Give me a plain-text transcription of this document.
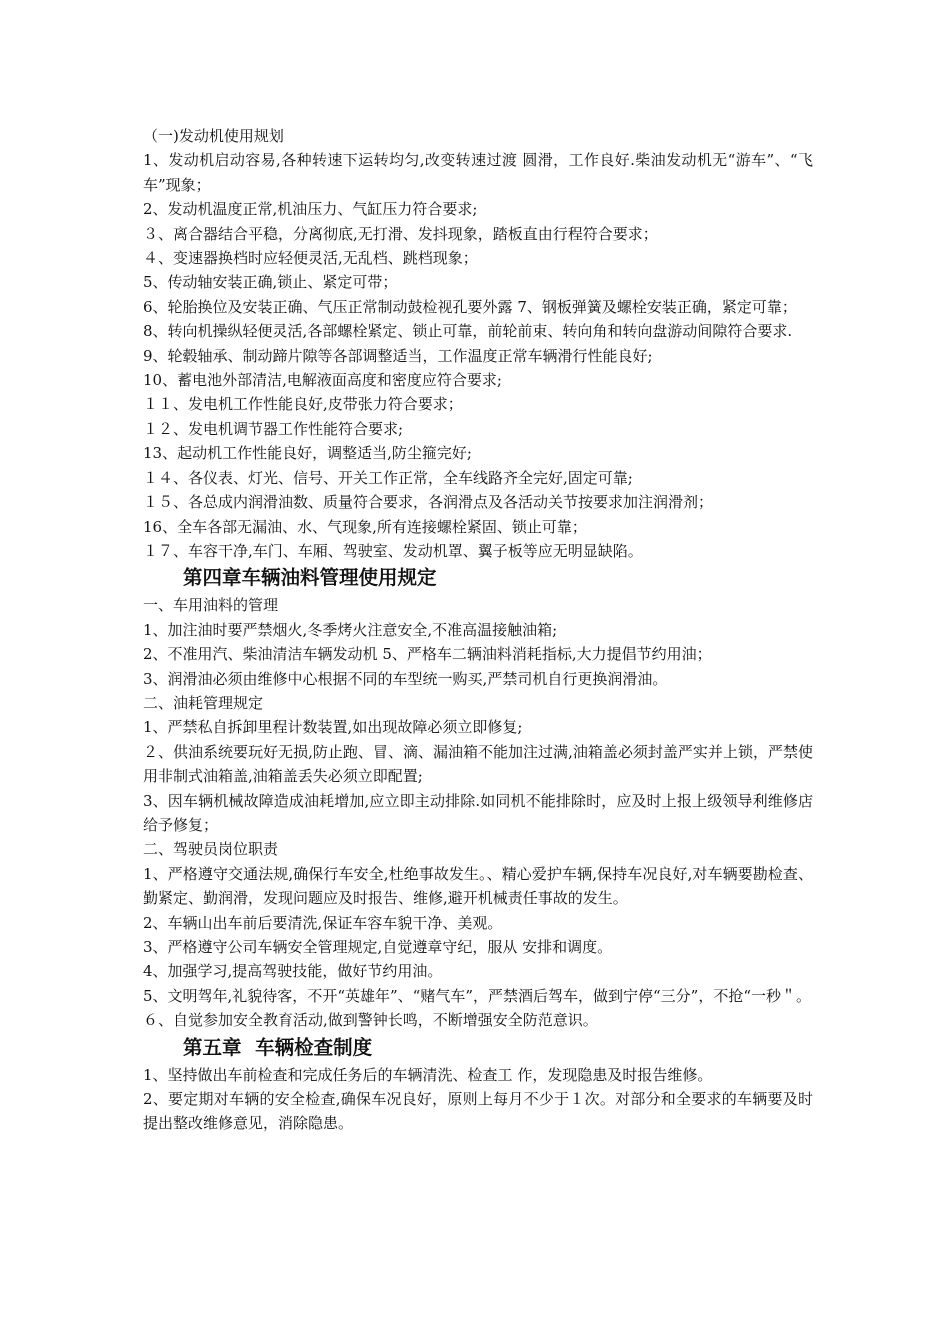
（一)发动机使用规划
1、发动机启动容易,各种转速下运转均匀,改变转速过渡 圆滑，工作良好.柴油发动机无“游车”、“飞车”现象；
2、发动机温度正常,机油压力、气缸压力符合要求;
３、离合器结合平稳，分离彻底,无打滑、发抖现象，踏板直由行程符合要求；
４、变速器换档时应轻便灵活,无乱档、跳档现象；
5、传动轴安装正确,锁止、紧定可带；
6、轮胎换位及安装正确、气压正常制动鼓检视孔要外露 7、钢板弹簧及螺栓安装正确，紧定可靠；
8、转向机操纵轻便灵活,各部螺栓紧定、锁止可靠，前轮前束、转向角和转向盘游动间隙符合要求.
9、轮毂轴承、制动蹄片隙等各部调整适当，工作温度正常车辆滑行性能良好;
10、蓄电池外部清洁,电解液面高度和密度应符合要求;
１１、发电机工作性能良好,皮带张力符合要求；
１２、发电机调节器工作性能符合要求;
13、起动机工作性能良好，调整适当,防尘箍完好;
１４、各仪表、灯光、信号、开关工作正常，全车线路齐全完好,固定可靠;
１５、各总成内润滑油数、质量符合要求，各润滑点及各活动关节按要求加注润滑剂；
16、全车各部无漏油、水、气现象,所有连接螺栓紧固、锁止可靠；
１７、车容干净,车门、车厢、驾驶室、发动机罩、翼子板等应无明显缺陷。
第四章车辆油料管理使用规定
一、车用油料的管理
1、加注油时要严禁烟火,冬季烤火注意安全,不准高温接触油箱;
2、不准用汽、柴油清洁车辆发动机 5、严格车二辆油料消耗指标,大力提倡节约用油；
3、润滑油必须由维修中心根据不同的车型统一购买,严禁司机自行更换润滑油。
二、油耗管理规定
1、严禁私自拆卸里程计数装置,如出现故障必须立即修复;
２、供油系统要玩好无损,防止跑、冒、滴、漏油箱不能加注过满,油箱盖必须封盖严实并上锁，严禁使用非制式油箱盖,油箱盖丢失必须立即配置;
3、因车辆机械故障造成油耗增加,应立即主动排除.如同机不能排除时，应及时上报上级领导利维修店给予修复；
二、驾驶员岗位职责
1、严格遵守交通法规,确保行车安全,杜绝事故发生。、精心爱护车辆,保持车况良好,对车辆要勘检查、勤紧定、勤润滑，发现问题应及时报告、维修,避开机械责任事故的发生。
2、车辆山出车前后要清洗,保证车容车貌干净、美观。
3、严格遵守公司车辆安全管理规定,自觉遵章守纪，服从 安排和调度。
4、加强学习,提高驾驶技能，做好节约用油。
5、文明驾年,礼貌待客，不开“英雄年”、“赌气车”，严禁酒后驾车，做到宁停“三分”，不抢“一秒＂。
６、自觉参加安全教育活动,做到警钟长鸣，不断增强安全防范意识。
第五章  车辆检查制度
1、坚持做出车前检查和完成任务后的车辆清洗、检查工 作，发现隐患及时报告维修。
2、要定期对车辆的安全检查,确保车况良好，原则上每月不少于１次。对部分和全要求的车辆要及时提出整改维修意见，消除隐患。
